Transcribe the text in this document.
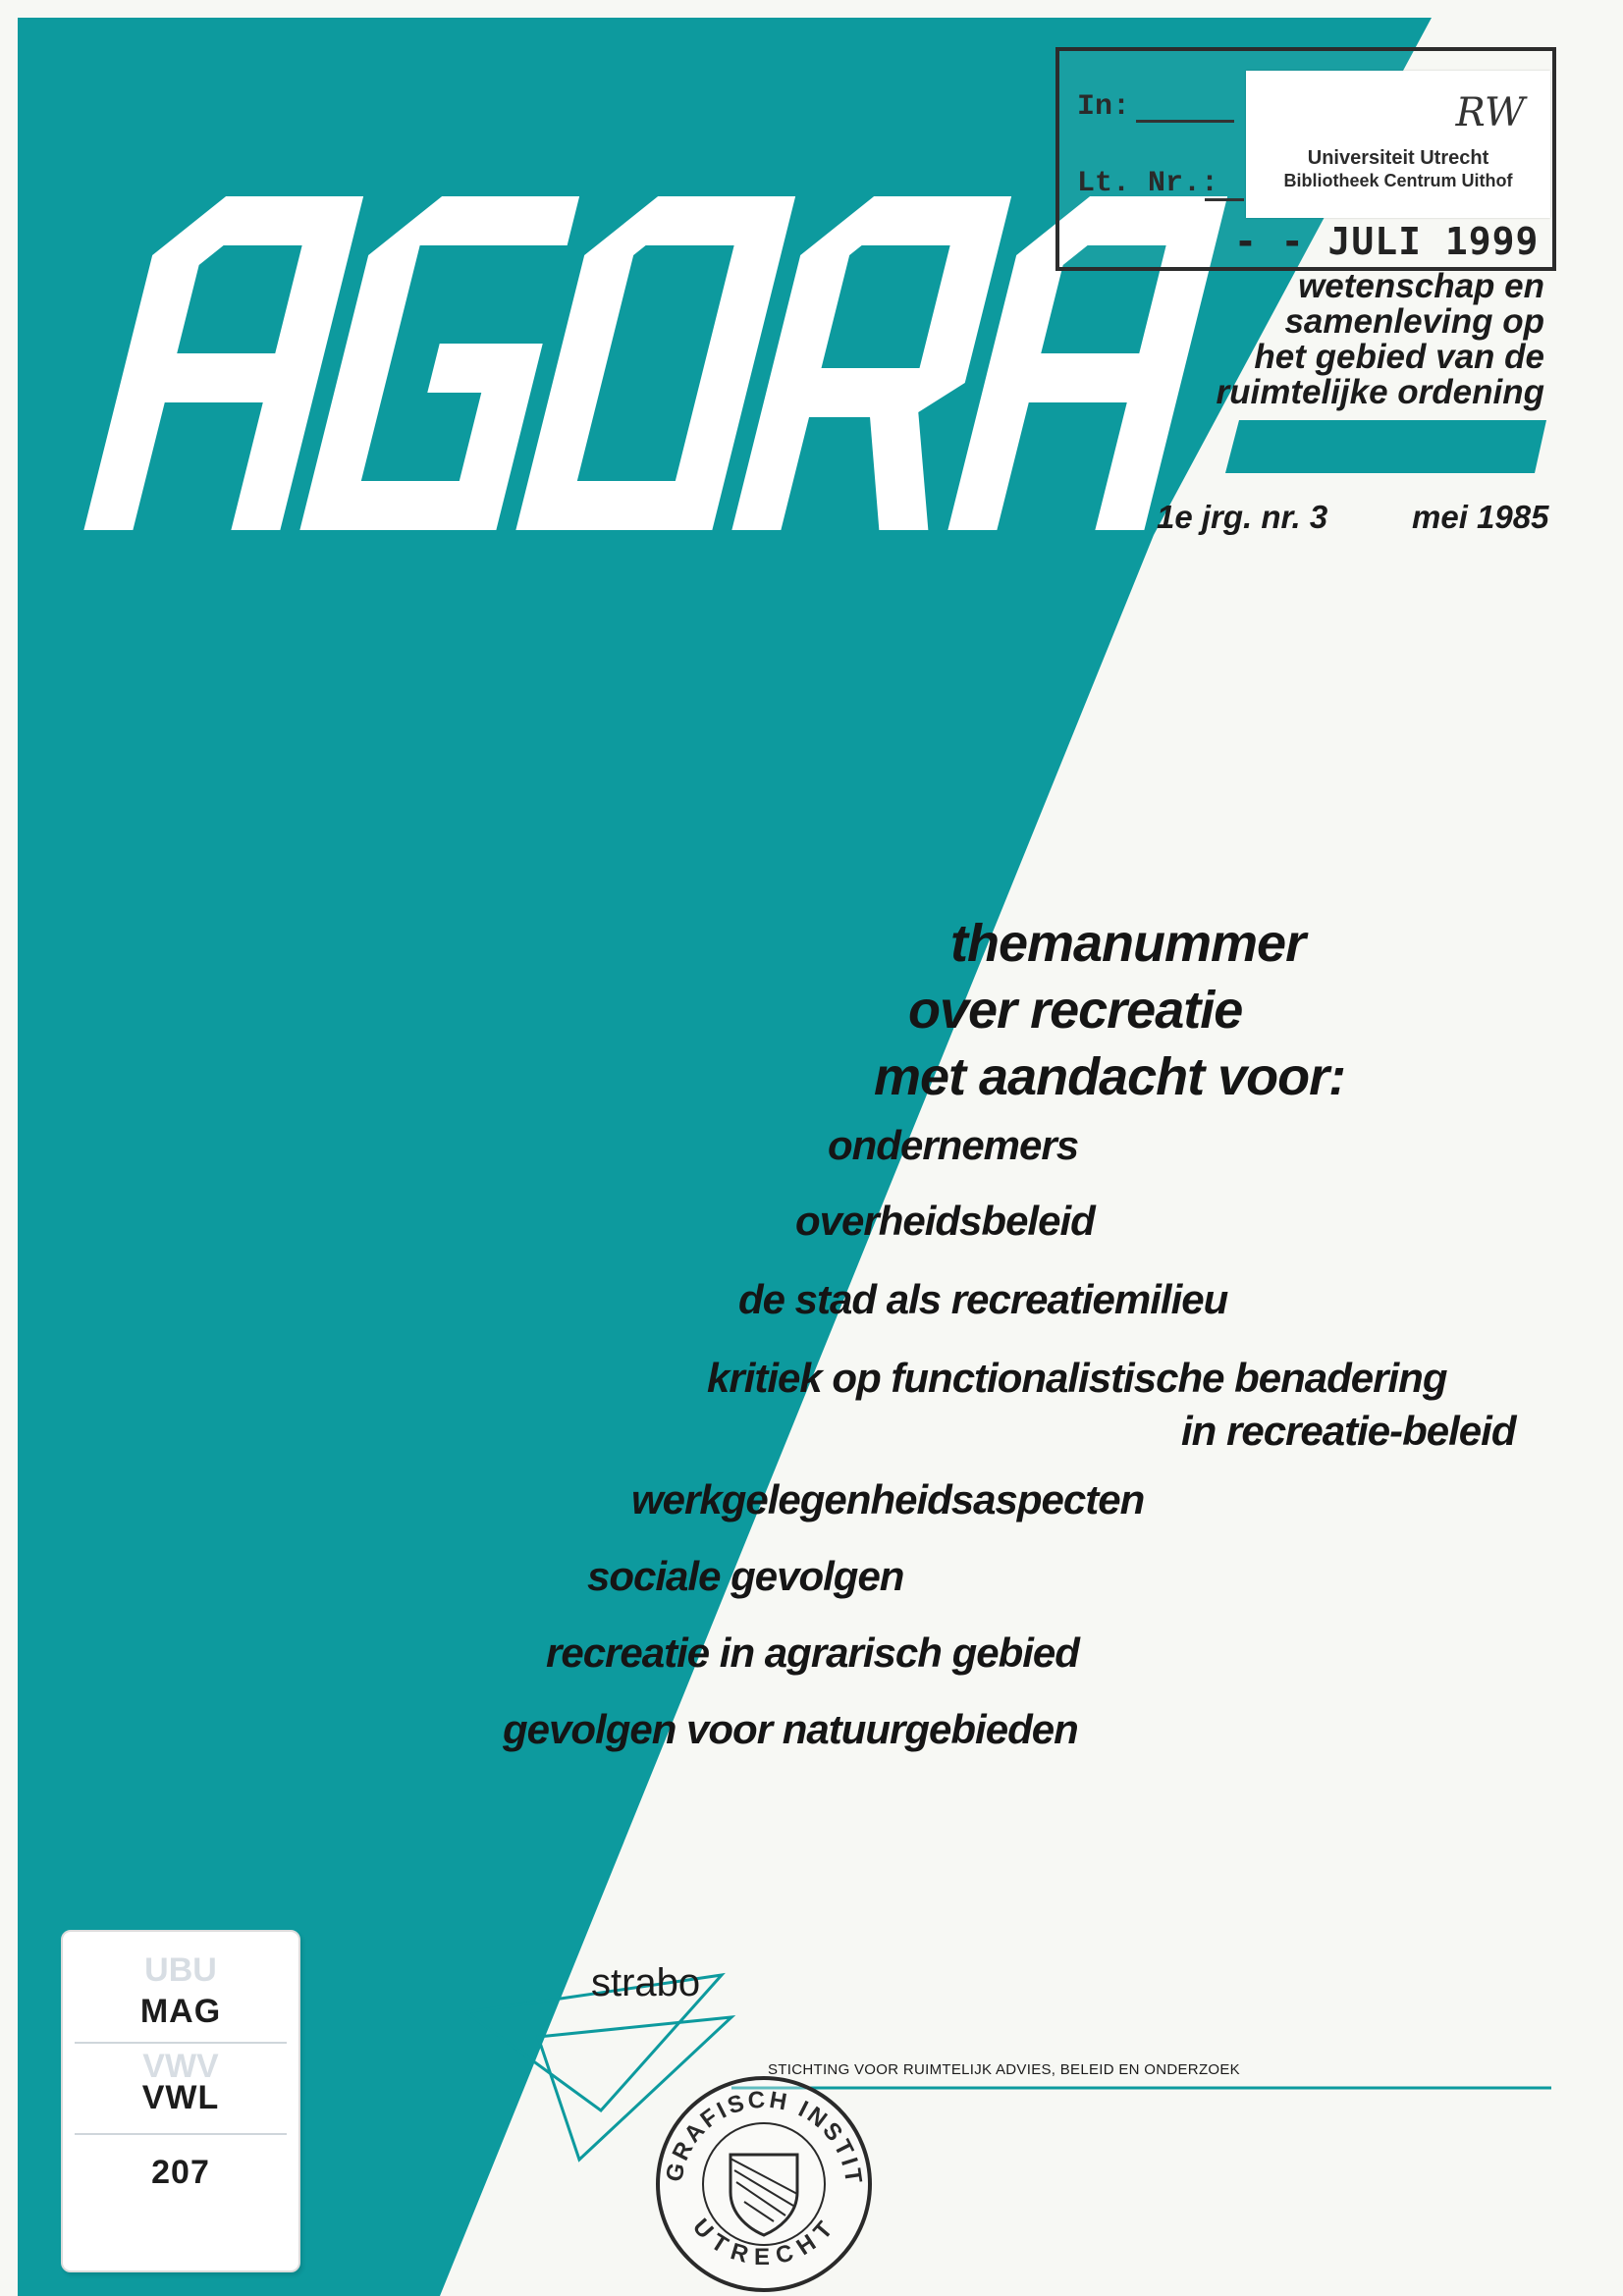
GEOGRAFISCH INSTITUUT
UTRECHT
In:
Lt. Nr.:
RW
Universiteit Utrecht
Bibliotheek Centrum Uithof
- - JULI 1999
wetenschap en
samenleving op
het gebied van de
ruimtelijke ordening
1e jrg. nr. 3	mei 1985
themanummer
over recreatie
met aandacht voor:
ondernemers
overheidsbeleid
de stad als recreatiemilieu
kritiek op functionalistische benadering
in recreatie-beleid
werkgelegenheidsaspecten
sociale gevolgen
recreatie in agrarisch gebied
gevolgen voor natuurgebieden
UBU
MAG
VWV
VWL
207
strabo
STICHTING VOOR RUIMTELIJK ADVIES, BELEID EN ONDERZOEK
